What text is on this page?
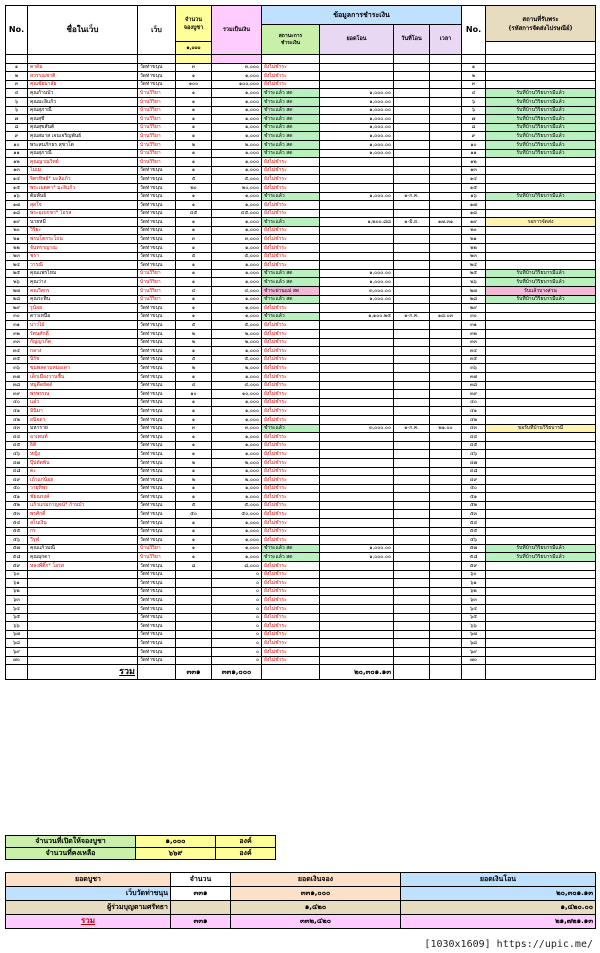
No.	ชื่อในเว็บ	เว็บ	จำนวน
จองบูชา	รวมเป็นเงิน	ข้อมูลการชำระเงิน				No.	สถานที่รับพระ
(รหัสการจัดส่งไปรษณีย์)
					สถานะการ
ชำระเงิน	ยอดโอน	วันที่โอน	เวลา		
			๑,๐๐๐							

๑	ดาด้ม	วัดท่าขนุน	๓	๓,๐๐๐	ยังไม่ชำระ				๑	
๒	สวรรณชาติ	วัดท่าขนุน	๑	๑,๐๐๐	ยังไม่ชำระ				๒	
๓	คุณชัยมาลัย	วัดท่าขนุน	๑๐๐	๑๐๐,๐๐๐	ยังไม่ชำระ				๓	
๔	คุณก้านบัว	บ้านวิริยา	๑	๑,๐๐๐	ชำระแล้ว สด	๑,๐๐๐.๐๐			๔	รับที่บ้านวิริยบารมีแล้ว
๖	คุณมะลิแก้ว	บ้านวิริยา	๑	๑,๐๐๐	ชำระแล้ว สด	๑,๐๐๐.๐๐			๖	รับที่บ้านวิริยบารมีแล้ว
๖	คุณสุภาณี	บ้านวิริยา	๑	๑,๐๐๐	ชำระแล้ว สด	๑,๐๐๐.๐๐			๖	รับที่บ้านวิริยบารมีแล้ว
๗	คุณสุชี	บ้านวิริยา	๑	๑,๐๐๐	ชำระแล้ว สด	๑,๐๐๐.๐๐			๗	รับที่บ้านวิริยบารมีแล้ว
๘	คุณสุขสันต์	บ้านวิริยา	๑	๑,๐๐๐	ชำระแล้ว สด	๑,๐๐๐.๐๐			๘	รับที่บ้านวิริยบารมีแล้ว
๙	คุณสมาส เจนเจริญพันธ์	บ้านวิริยา	๑	๑,๐๐๐	ชำระแล้ว สด	๑,๐๐๐.๐๐			๙	รับที่บ้านวิริยบารมีแล้ว
๑๐	พระสมภักธร สุขาโต	บ้านวิริยา	๒	๒,๐๐๐	ชำระแล้ว สด	๑,๐๐๐.๐๐			๑๐	รับที่บ้านวิริยบารมีแล้ว
๑๑	คุณสุภาณี	บ้านวิริยา	๑	๑,๐๐๐	ชำระแล้ว สด	๑,๐๐๐.๐๐			๑๑	รับที่บ้านวิริยบารมีแล้ว
๑๒	คุณญาณวิทย์	บ้านวิริยา	๑	๑,๐๐๐	ยังไม่ชำระ				๑๒	
๑๓	โมเม	วัดท่าขนุน	๑	๑,๐๐๐	ยังไม่ชำระ				๑๓	
๑๔	จิตรทิพย์* มะลิแก้ว	วัดท่าขนุน	๕	๕,๐๐๐	ยังไม่ชำระ				๑๔	
๑๕	พระเมตตา* มะลิแก้ว	วัดท่าขนุน	๒๐	๒๐,๐๐๐	ยังไม่ชำระ				๑๕	
๑๖	ต้มพันธ์	วัดท่าขนุน	๑	๑,๐๐๐	ชำระแล้ว	๑,๐๐๐.๐๐	๑-ก.ค.		๑๖	รับที่บ้านวิริยบารมีแล้ว
๑๗	สุดใจ	วัดท่าขนุน	๑	๑,๐๐๐	ยังไม่ชำระ				๑๗	
๑๘	พระอุเบกขา* โอรส	วัดท่าขนุน	๔๕	๔๕,๐๐๐	ยังไม่ชำระ				๑๘	
๑๙	นายหมี	วัดท่าขนุน	๑	๑,๐๐๐	ชำระแล้ว	๑,๒๐๐.๘๘	๑-มิ.ย.	๑๗.๓๑	๑๙	รอการจัดส่ง
๒๐	วิริยะ	วัดท่าขนุน	๑	๑,๐๐๐	ยังไม่ชำระ				๒๐	
๒๑	พรมโตกระโถน	วัดท่าขนุน	๓	๓,๐๐๐	ยังไม่ชำระ				๒๑	
๒๒	จันทราญาณ	วัดท่าขนุน	๑	๑,๐๐๐	ยังไม่ชำระ				๒๒	
๒๓	ชรา	วัดท่าขนุน	๕	๕,๐๐๐	ยังไม่ชำระ				๒๓	
๒๔	วารณี	วัดท่าขนุน	๑	๑,๐๐๐	ยังไม่ชำระ				๒๔	
๒๕	คุณแพรไหม	บ้านวิริยา	๑	๑,๐๐๐	ชำระแล้ว สด	๑,๐๐๐.๐๐			๒๕	รับที่บ้านวิริยบารมีแล้ว
๒๖	คุณว่าง	บ้านวิริยา	๑	๑,๐๐๐	ชำระแล้ว สด	๑,๐๐๐.๐๐			๒๖	รับที่บ้านวิริยบารมีแล้ว
๒๗	คณวีสุกร	บ้านวิริยา	๔	๔,๐๐๐	ชำระผ่านแม่ สด	๓,๐๐๐.๐๐			๒๗	รับแล้วบางส่วน
๒๘	คุณระพิน	บ้านวิริยา	๑	๑,๐๐๐	ชำระแล้ว สด	๑,๐๐๐.๐๐			๒๘	รับที่บ้านวิริยบารมีแล้ว
๒๙	รูน้อย	วัดท่าขนุน	๑	๑,๐๐๐	ยังไม่ชำระ				๒๙	
๓๐	ดาวเหนือ	วัดท่าขนุน	๑	๑,๐๐๐	ชำระแล้ว	๑,๑๐๐.๒๕	๑-ก.ค.	๑๘.๐๓	๓๐	
๓๑	บาวไม้	วัดท่าขนุน	๕	๕,๐๐๐	ยังไม่ชำระ				๓๑	
๓๒	รัตนศักดิ์	วัดท่าขนุน	๒	๒,๐๐๐	ยังไม่ชำระ				๓๒	
๓๓	กัญญาภัค	วัดท่าขนุน	๒	๒,๐๐๐	ยังไม่ชำระ				๓๓	
๓๔	กลาง	วัดท่าขนุน	๑	๑,๐๐๐	ยังไม่ชำระ				๓๔	
๓๕	นิรัช	วัดท่าขนุน	๕	๕,๐๐๐	ยังไม่ชำระ				๓๕	
๓๖	ขนพลดาบหมอเดา	วัดท่าขนุน	๒	๒,๐๐๐	ยังไม่ชำระ				๓๖	
๓๗	เด็กเมืองวานชื้น	วัดท่าขนุน	๑	๑,๐๐๐	ยังไม่ชำระ				๓๗	
๓๘	หมูดีดยัดด์	วัดท่าขนุน	๔	๔,๐๐๐	ยังไม่ชำระ				๓๘	
๓๙	พรพรรณ	วัดท่าขนุน	๑๐	๑๐,๐๐๐	ยังไม่ชำระ				๓๙	
๔๐	แอ๋ว	วัดท่าขนุน	๑	๑,๐๐๐	ยังไม่ชำระ				๔๐	
๔๑	มินิมา	วัดท่าขนุน	๑	๑,๐๐๐	ยังไม่ชำระ				๔๑	
๔๒	อนิจดา	วัดท่าขนุน	๑	๑,๐๐๐	ยังไม่ชำระ				๔๒	
๔๓	มหาราย	วัดท่าขนุน	๓	๓,๐๐๐	ชำระแล้ว	๓,๐๐๐.๐๐	๑-ก.ค.	๒๑.๐๐	๔๓	ขอรับที่บ้านวิริยบารมี
๔๔	อาเพนท์	วัดท่าขนุน	๑	๑,๐๐๐	ยังไม่ชำระ				๔๔	
๔๕	ธิติ	วัดท่าขนุน	๑	๑,๐๐๐	ยังไม่ชำระ				๔๕	
๔๖	หญิง	วัดท่าขนุน	๑	๑,๐๐๐	ยังไม่ชำระ				๔๖	
๔๗	ปุ๊ปตัดพัน	วัดท่าขนุน	๒	๒,๐๐๐	ยังไม่ชำระ				๔๗	
๔๘	ตะ	วัดท่าขนุน	๑	๑,๐๐๐	ยังไม่ชำระ				๔๘	
๔๙	เถ้าแก่น้อย	วัดท่าขนุน	๒	๒,๐๐๐	ยังไม่ชำระ				๔๙	
๕๐	วายุทิพร	วัดท่าขนุน	๑	๑,๐๐๐	ยังไม่ชำระ				๕๐	
๕๑	ชัยณรงค์	วัดท่าขนุน	๑	๑,๐๐๐	ยังไม่ชำระ				๕๑	
๕๒	แก้วแกมกาญจน์* ก้านบัว	วัดท่าขนุน	๕	๕,๐๐๐	ยังไม่ชำระ				๕๒	
๕๓	พรศักดิ์	วัดท่าขนุน	๕๐	๕๐,๐๐๐	ยังไม่ชำระ				๕๓	
๕๔	สโนเงิน	วัดท่าขนุน	๑	๑,๐๐๐	ยังไม่ชำระ				๕๔	
๕๕	กร	วัดท่าขนุน	๑	๑,๐๐๐	ยังไม่ชำระ				๕๕	
๕๖	วีรุฬ	วัดท่าขนุน	๑	๑,๐๐๐	ยังไม่ชำระ				๕๖	
๕๗	คุณแก้วมณี	บ้านวิริยา	๑	๑,๐๐๐	ชำระแล้ว สด	๑,๐๐๐.๐๐			๕๗	รับที่บ้านวิริยบารมีแล้ว
๕๘	คุณมุกดา	บ้านวิริยา	๑	๑,๐๐๐	ชำระแล้ว สด	๑,๐๐๐.๐๐			๕๘	รับที่บ้านวิริยบารมีแล้ว
๕๙	หลงพี่ติ๊ก* โอรส	วัดท่าขนุน	๘	๘,๐๐๐	ยังไม่ชำระ				๕๙	
๖๐		วัดท่าขนุน		๐	ยังไม่ชำระ				๖๐	
๖๑		วัดท่าขนุน		๐	ยังไม่ชำระ				๖๑	
๖๒		วัดท่าขนุน		๐	ยังไม่ชำระ				๖๒	
๖๓		วัดท่าขนุน		๐	ยังไม่ชำระ				๖๓	
๖๔		วัดท่าขนุน		๐	ยังไม่ชำระ				๖๔	
๖๕		วัดท่าขนุน		๐	ยังไม่ชำระ				๖๕	
๖๖		วัดท่าขนุน		๐	ยังไม่ชำระ				๖๖	
๖๗		วัดท่าขนุน		๐	ยังไม่ชำระ				๖๗	
๖๘		วัดท่าขนุน		๐	ยังไม่ชำระ				๖๘	
๖๙		วัดท่าขนุน		๐	ยังไม่ชำระ				๖๙	
๗๐		วัดท่าขนุน		๐	ยังไม่ชำระ				๗๐	
	รวม		๓๓๑	๓๓๑,๐๐๐		๒๐,๓๐๑.๑๓				
จำนวนที่เปิดให้จองบูชา	๑,๐๐๐	องค์
จำนวนที่คงเหลือ	๖๖๙	องค์
ยอดบูชา	จำนวน	ยอดเงินจอง	ยอดเงินโอน
เว็บวัดท่าขนุน	๓๓๑	๓๓๑,๐๐๐	๒๐,๓๐๑.๑๓
ผู้ร่วมบุญตามศรัทธา		๑,๔๒๐	๑,๔๒๐.๐๐
รวม	๓๓๑	๓๓๒,๔๒๐	๒๑,๗๒๑.๑๓
[1030x1609] https://upic.me/
